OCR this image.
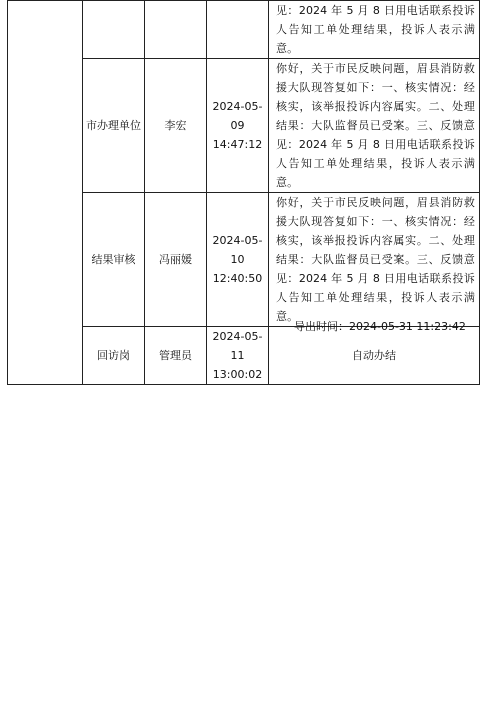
				见：2024 年 5 月 8 日用电话联系投诉人告知工单处理结果，投诉人表示满意。
	市办理单位	李宏	2024-05-09 14:47:12	你好，关于市民反映问题，眉县消防救援大队现答复如下：一、核实情况：经核实，该举报投诉内容属实。二、处理结果：大队监督员已受案。三、反馈意见：2024 年 5 月 8 日用电话联系投诉人告知工单处理结果，投诉人表示满意。
	结果审核	冯丽媛	2024-05-10 12:40:50	你好，关于市民反映问题，眉县消防救援大队现答复如下：一、核实情况：经核实，该举报投诉内容属实。二、处理结果：大队监督员已受案。三、反馈意见：2024 年 5 月 8 日用电话联系投诉人告知工单处理结果，投诉人表示满意。
	回访岗	管理员	2024-05-11 13:00:02	自动办结
导出时间：2024-05-31 11:23:42
